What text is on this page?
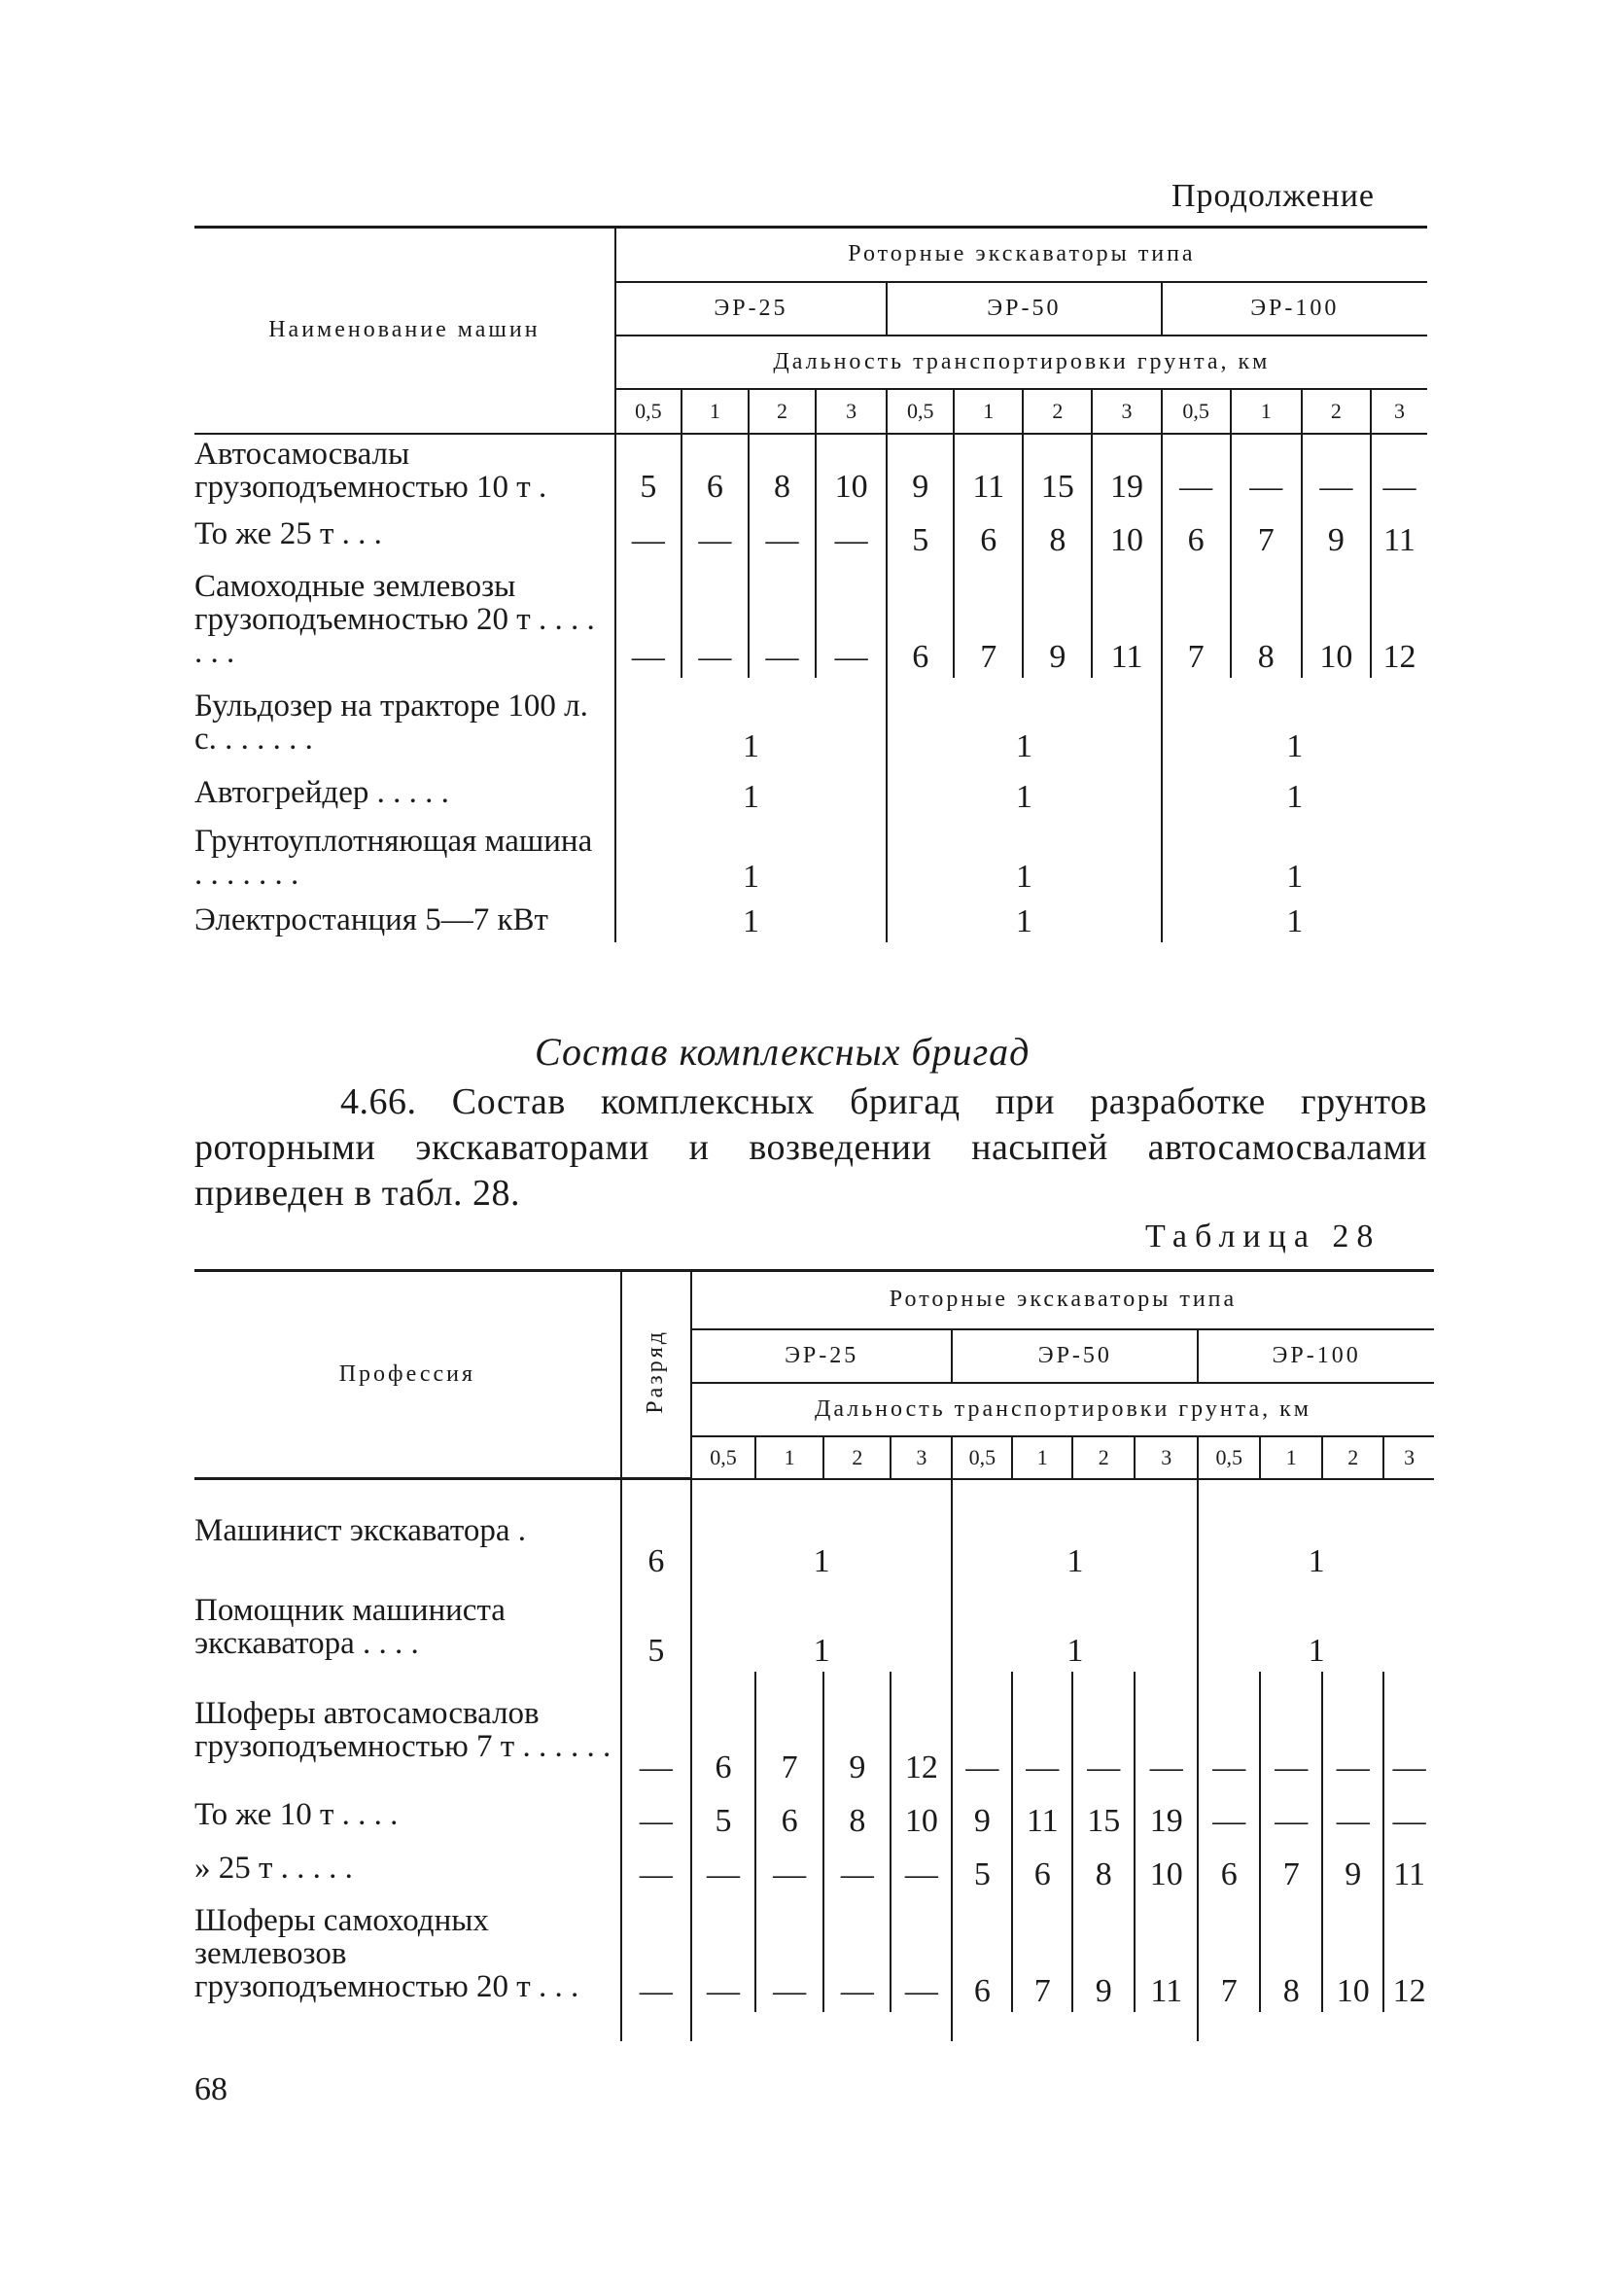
Продолжение
Наименование машин	Роторные экскаваторы типа											
	ЭР-25				ЭР-50				ЭР-100			
	Дальность транспортировки грунта, км											
	0,5	1	2	3	0,5	1	2	3	0,5	1	2	3
Автосамосвалы грузоподъемностью 10 т .	5	6	8	10	9	11	15	19	—	—	—	—
То же 25 т . . .	—	—	—	—	5	6	8	10	6	7	9	11
Самоходные землевозы грузоподъемностью 20 т . . . . . . .	—	—	—	—	6	7	9	11	7	8	10	12
Бульдозер на тракторе 100 л. с. . . . . . .	1				1				1			
Автогрейдер . . . . .	1				1				1			
Грунтоуплотняющая машина . . . . . . .	1				1				1			
Электростанция 5—7 кВт	1				1				1			
Состав комплексных бригад
4.66. Состав комплексных бригад при разработке грунтов роторными экскаваторами и возведении насыпей автосамосвалами приведен в табл. 28.
Таблица 28
Профессия	Разряд	Роторные экскаваторы типа											
		ЭР-25				ЭР-50				ЭР-100			
		Дальность транспортировки грунта, км											
		0,5	1	2	3	0,5	1	2	3	0,5	1	2	3
Машинист экскаватора .	6	1				1				1			
Помощник машиниста экскаватора . . . .	5	1				1				1			
Шоферы автосамосвалов грузоподъемностью 7 т . . . . . .	—	6	7	9	12	—	—	—	—	—	—	—	—
То же 10 т . . . .	—	5	6	8	10	9	11	15	19	—	—	—	—
» 25 т . . . . .	—	—	—	—	—	5	6	8	10	6	7	9	11
Шоферы самоходных землевозов грузоподъемностью 20 т . . .	—	—	—	—	—	6	7	9	11	7	8	10	12

68
